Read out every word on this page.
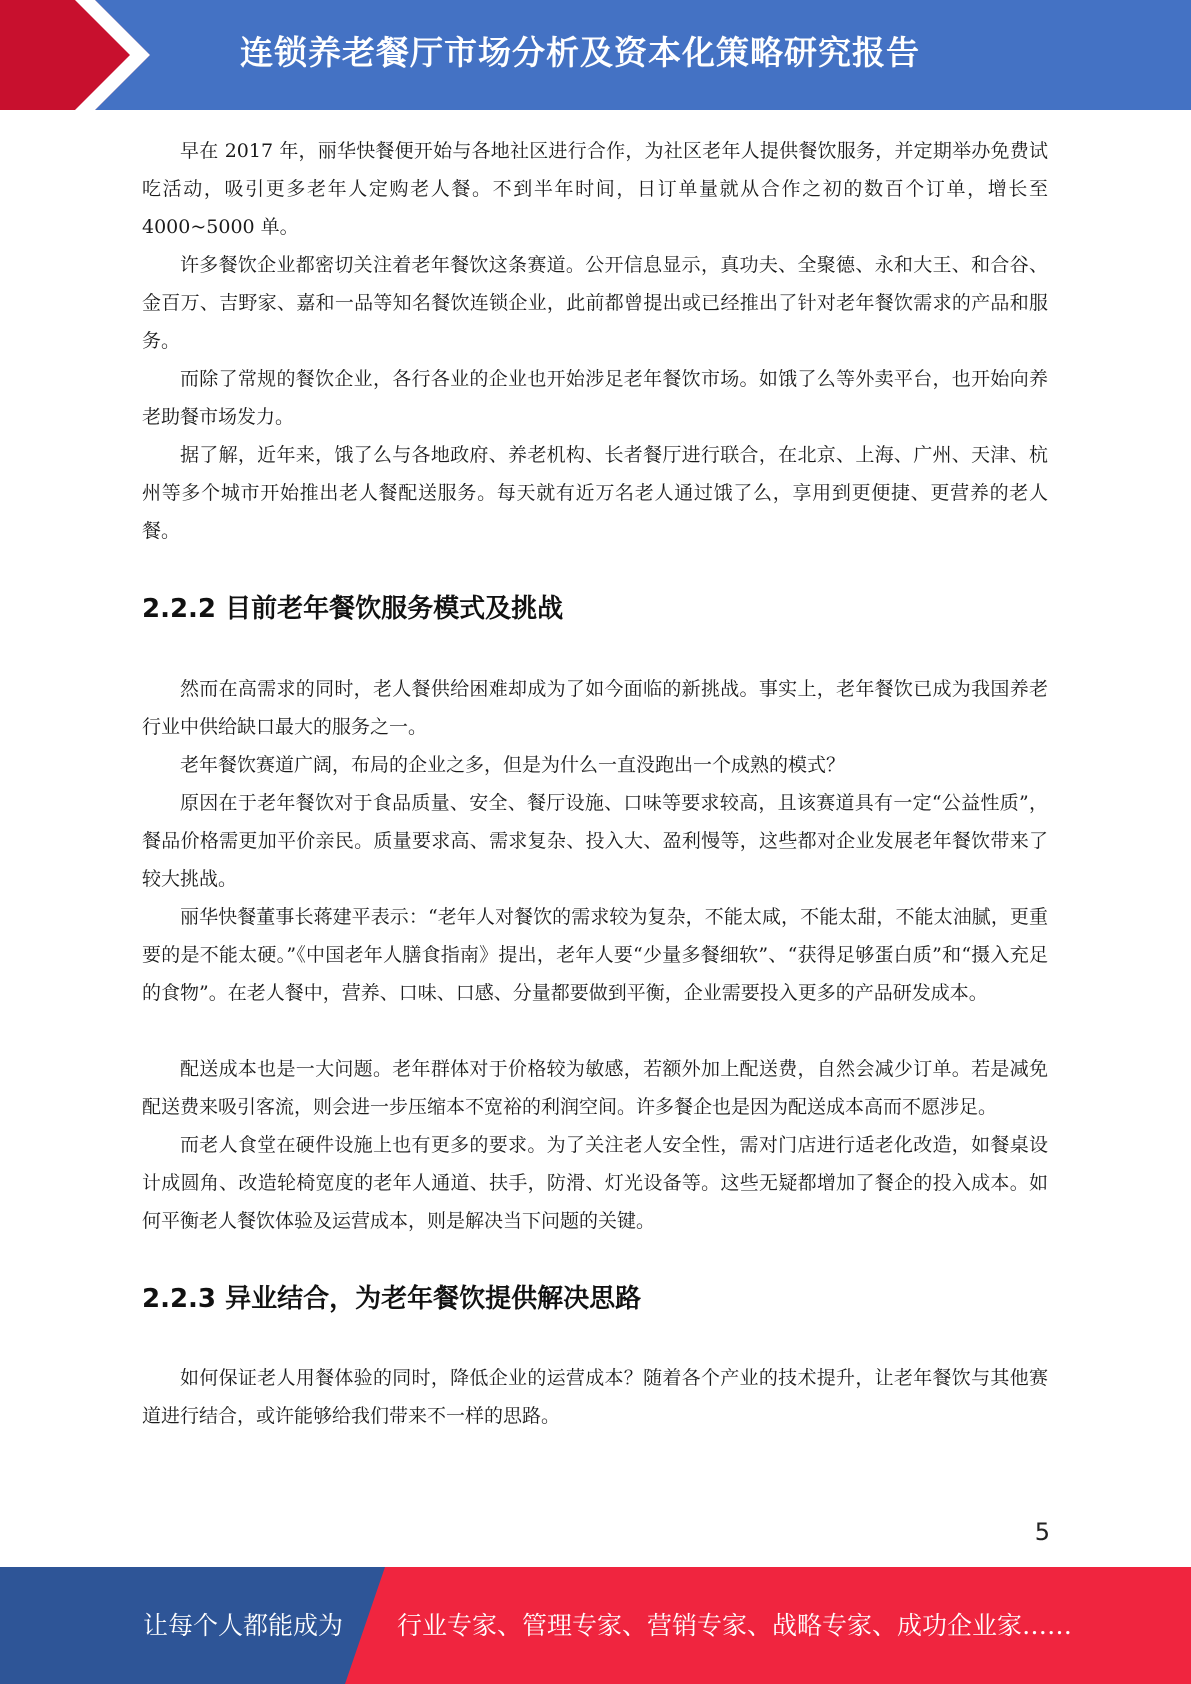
连锁养老餐厅市场分析及资本化策略研究报告

早在 2017 年，丽华快餐便开始与各地社区进行合作，为社区老年人提供餐饮服务，并定期举办免费试吃活动，吸引更多老年人定购老人餐。不到半年时间，日订单量就从合作之初的数百个订单，增长至 4000~5000 单。

许多餐饮企业都密切关注着老年餐饮这条赛道。公开信息显示，真功夫、全聚德、永和大王、和合谷、金百万、吉野家、嘉和一品等知名餐饮连锁企业，此前都曾提出或已经推出了针对老年餐饮需求的产品和服务。

而除了常规的餐饮企业，各行各业的企业也开始涉足老年餐饮市场。如饿了么等外卖平台，也开始向养老助餐市场发力。

据了解，近年来，饿了么与各地政府、养老机构、长者餐厅进行联合，在北京、上海、广州、天津、杭州等多个城市开始推出老人餐配送服务。每天就有近万名老人通过饿了么，享用到更便捷、更营养的老人餐。

2.2.2 目前老年餐饮服务模式及挑战

然而在高需求的同时，老人餐供给困难却成为了如今面临的新挑战。事实上，老年餐饮已成为我国养老行业中供给缺口最大的服务之一。

老年餐饮赛道广阔，布局的企业之多，但是为什么一直没跑出一个成熟的模式？

原因在于老年餐饮对于食品质量、安全、餐厅设施、口味等要求较高，且该赛道具有一定“公益性质”，餐品价格需更加平价亲民。质量要求高、需求复杂、投入大、盈利慢等，这些都对企业发展老年餐饮带来了较大挑战。

丽华快餐董事长蒋建平表示：“老年人对餐饮的需求较为复杂，不能太咸，不能太甜，不能太油腻，更重要的是不能太硬。”《中国老年人膳食指南》提出，老年人要“少量多餐细软”、“获得足够蛋白质”和“摄入充足的食物”。在老人餐中，营养、口味、口感、分量都要做到平衡，企业需要投入更多的产品研发成本。

配送成本也是一大问题。老年群体对于价格较为敏感，若额外加上配送费，自然会减少订单。若是减免配送费来吸引客流，则会进一步压缩本不宽裕的利润空间。许多餐企也是因为配送成本高而不愿涉足。

而老人食堂在硬件设施上也有更多的要求。为了关注老人安全性，需对门店进行适老化改造，如餐桌设计成圆角、改造轮椅宽度的老年人通道、扶手，防滑、灯光设备等。这些无疑都增加了餐企的投入成本。如何平衡老人餐饮体验及运营成本，则是解决当下问题的关键。

2.2.3 异业结合，为老年餐饮提供解决思路

如何保证老人用餐体验的同时，降低企业的运营成本？随着各个产业的技术提升，让老年餐饮与其他赛道进行结合，或许能够给我们带来不一样的思路。

5
让每个人都能成为 行业专家、管理专家、营销专家、战略专家、成功企业家……
